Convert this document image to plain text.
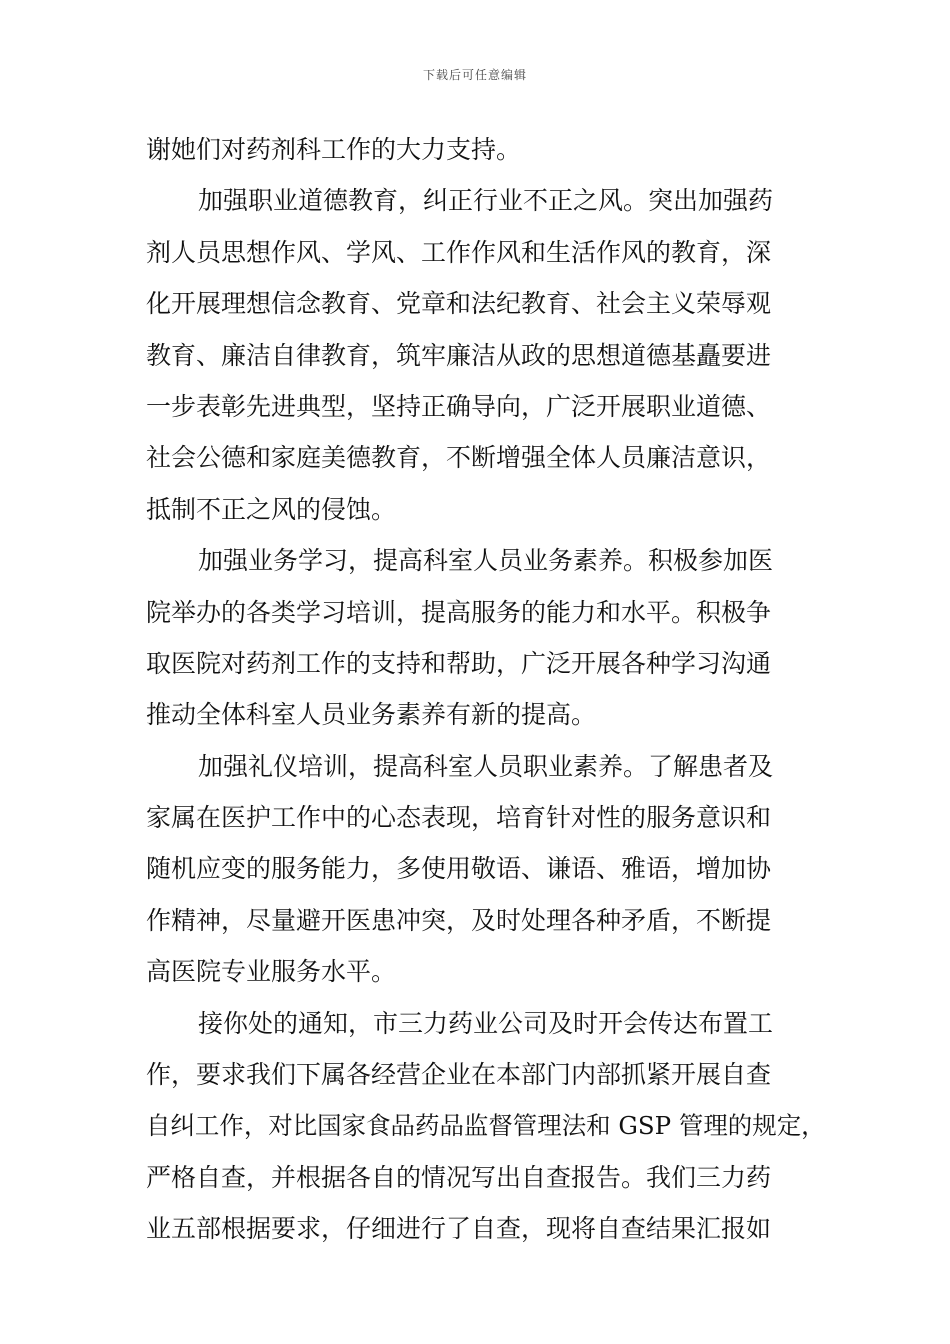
下载后可任意编辑
谢她们对药剂科工作的大力支持。
加强职业道德教育，纠正行业不正之风。突出加强药
剂人员思想作风、学风、工作作风和生活作风的教育，深
化开展理想信念教育、党章和法纪教育、社会主义荣辱观
教育、廉洁自律教育，筑牢廉洁从政的思想道德基矗要进
一步表彰先进典型，坚持正确导向，广泛开展职业道德、
社会公德和家庭美德教育，不断增强全体人员廉洁意识，
抵制不正之风的侵蚀。
加强业务学习，提高科室人员业务素养。积极参加医
院举办的各类学习培训，提高服务的能力和水平。积极争
取医院对药剂工作的支持和帮助，广泛开展各种学习沟通
推动全体科室人员业务素养有新的提高。
加强礼仪培训，提高科室人员职业素养。了解患者及
家属在医护工作中的心态表现，培育针对性的服务意识和
随机应变的服务能力，多使用敬语、谦语、雅语，增加协
作精神，尽量避开医患冲突，及时处理各种矛盾，不断提
高医院专业服务水平。
接你处的通知，市三力药业公司及时开会传达布置工
作，要求我们下属各经营企业在本部门内部抓紧开展自查
自纠工作，对比国家食品药品监督管理法和 GSP 管理的规定，
严格自查，并根据各自的情况写出自查报告。我们三力药
业五部根据要求，仔细进行了自查，现将自查结果汇报如
